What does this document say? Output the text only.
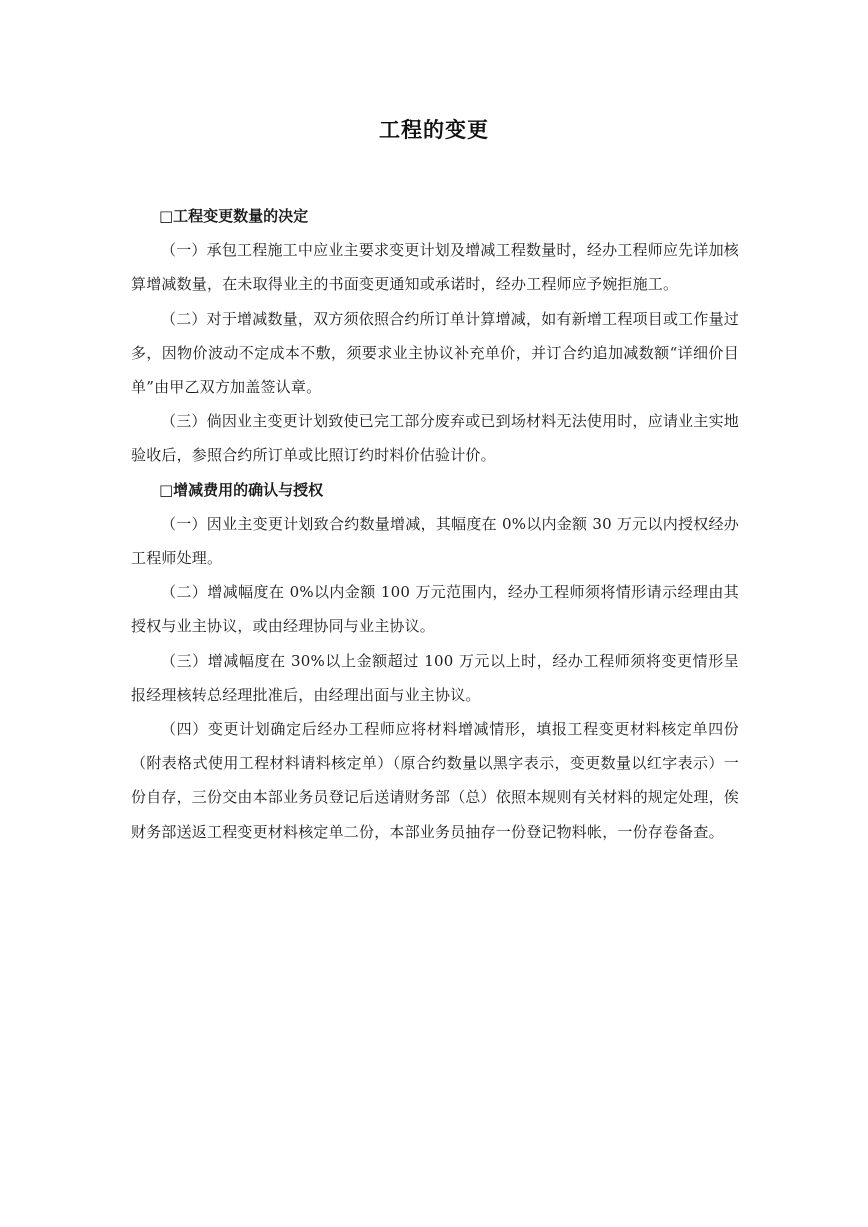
工程的变更

□工程变更数量的决定

（一）承包工程施工中应业主要求变更计划及增减工程数量时，经办工程师应先详加核算增减数量，在未取得业主的书面变更通知或承诺时，经办工程师应予婉拒施工。

（二）对于增减数量，双方须依照合约所订单计算增减，如有新增工程项目或工作量过多，因物价波动不定成本不敷，须要求业主协议补充单价，并订合约追加减数额“详细价目单”由甲乙双方加盖签认章。

（三）倘因业主变更计划致使已完工部分废弃或已到场材料无法使用时，应请业主实地验收后，参照合约所订单或比照订约时料价估验计价。

□增减费用的确认与授权

（一）因业主变更计划致合约数量增减，其幅度在 0%以内金额 30 万元以内授权经办工程师处理。

（二）增减幅度在 0%以内金额 100 万元范围内，经办工程师须将情形请示经理由其授权与业主协议，或由经理协同与业主协议。

（三）增减幅度在 30%以上金额超过 100 万元以上时，经办工程师须将变更情形呈报经理核转总经理批准后，由经理出面与业主协议。

（四）变更计划确定后经办工程师应将材料增减情形，填报工程变更材料核定单四份（附表格式使用工程材料请料核定单）（原合约数量以黑字表示，变更数量以红字表示）一份自存，三份交由本部业务员登记后送请财务部（总）依照本规则有关材料的规定处理，俟财务部送返工程变更材料核定单二份，本部业务员抽存一份登记物料帐，一份存卷备查。
